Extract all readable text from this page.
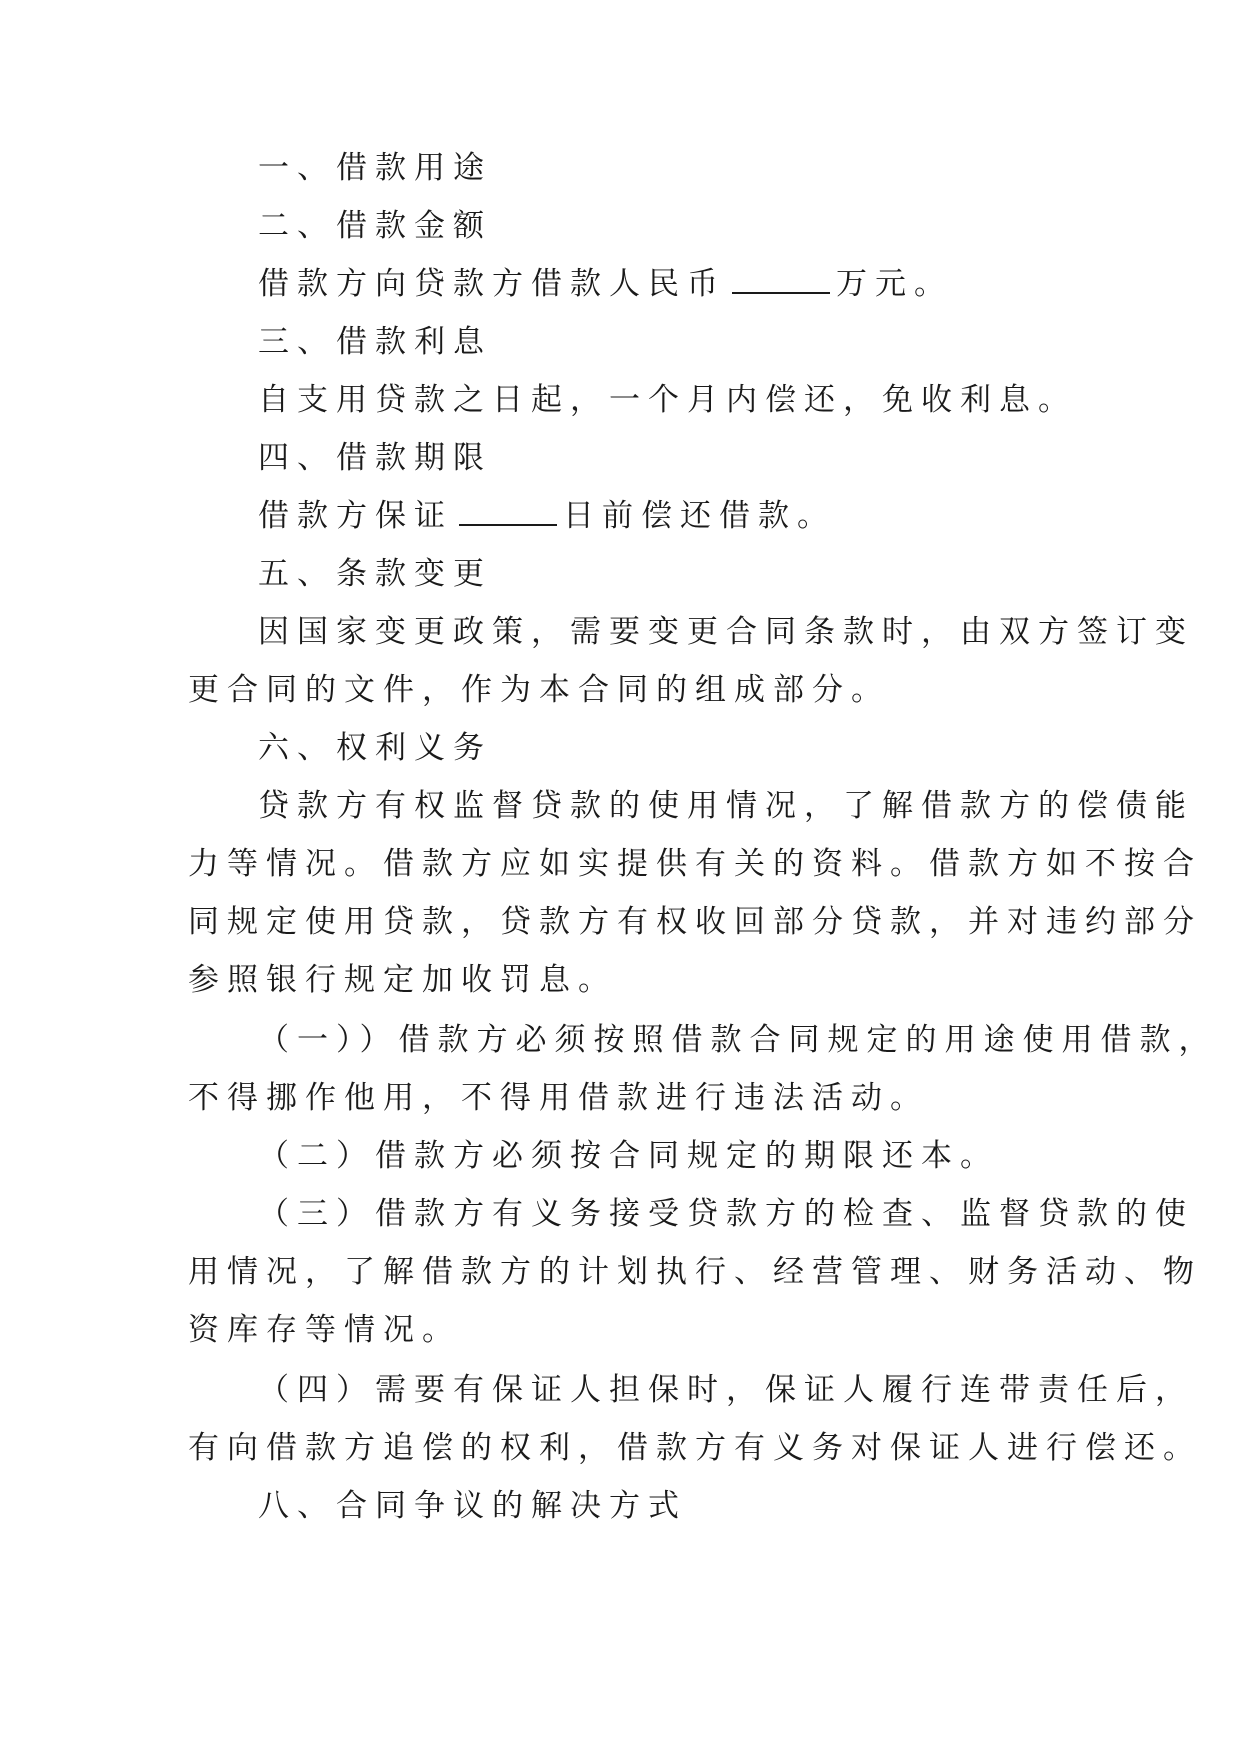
一、借款用途
二、借款金额
借款方向贷款方借款人民币	万元。
三、借款利息
自支用贷款之日起，一个月内偿还，免收利息。
四、借款期限
借款方保证	日前偿还借款。
五、条款变更
因国家变更政策，需要变更合同条款时，由双方签订变
更合同的文件，作为本合同的组成部分。
六、权利义务
贷款方有权监督贷款的使用情况，了解借款方的偿债能
力等情况。借款方应如实提供有关的资料。借款方如不按合
同规定使用贷款，贷款方有权收回部分贷款，并对违约部分
参照银行规定加收罚息。
（一））借款方必须按照借款合同规定的用途使用借款，
不得挪作他用，不得用借款进行违法活动。
（二）借款方必须按合同规定的期限还本。
（三）借款方有义务接受贷款方的检查、监督贷款的使
用情况，了解借款方的计划执行、经营管理、财务活动、物
资库存等情况。
（四）需要有保证人担保时，保证人履行连带责任后，
有向借款方追偿的权利，借款方有义务对保证人进行偿还。
八、合同争议的解决方式
